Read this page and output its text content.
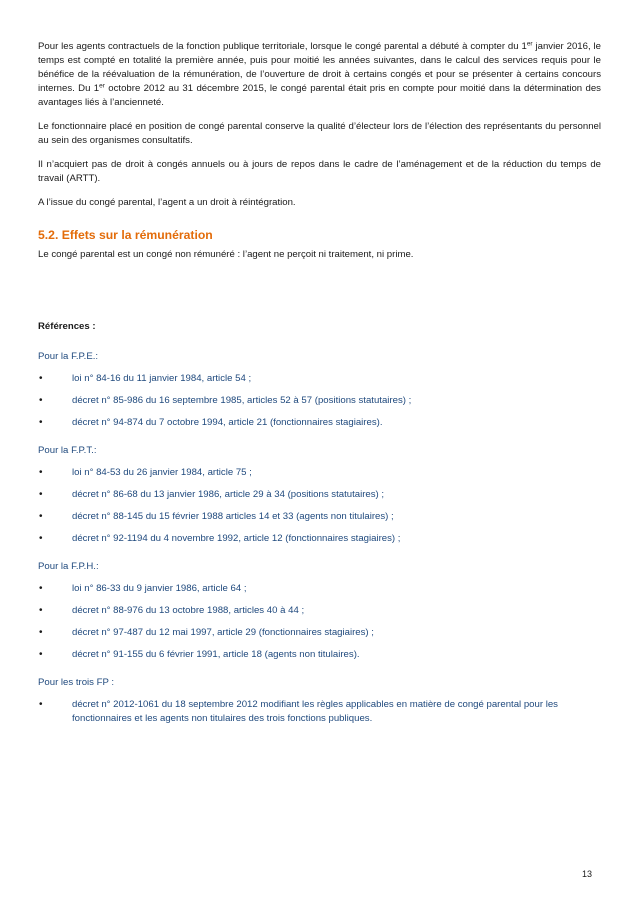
Pour les agents contractuels de la fonction publique territoriale, lorsque le congé parental a débuté à compter du 1er janvier 2016, le temps est compté en totalité la première année, puis pour moitié les années suivantes, dans le calcul des services requis pour le bénéfice de la réévaluation de la rémunération, de l’ouverture de droit à certains congés et pour se présenter à certains concours internes. Du 1er octobre 2012 au 31 décembre 2015, le congé parental était pris en compte pour moitié dans la détermination des avantages liés à l’ancienneté.

Le fonctionnaire placé en position de congé parental conserve la qualité d’électeur lors de l’élection des représentants du personnel au sein des organismes consultatifs.

Il n’acquiert pas de droit à congés annuels ou à jours de repos dans le cadre de l’aménagement et de la réduction du temps de travail (ARTT).

A l’issue du congé parental, l’agent a un droit à réintégration.

5.2. Effets sur la rémunération

Le congé parental est un congé non rémunéré : l’agent ne perçoit ni traitement, ni prime.

Références :
Pour la F.P.E.:
•	loi n° 84-16 du 11 janvier 1984, article 54 ;
•	décret n° 85-986 du 16 septembre 1985, articles 52 à 57 (positions statutaires) ;
•	décret n° 94-874 du 7 octobre 1994, article 21 (fonctionnaires stagiaires).
Pour la F.P.T.:
•	loi n° 84-53 du 26 janvier 1984, article 75 ;
•	décret n° 86-68 du 13 janvier 1986, article 29 à 34 (positions statutaires) ;
•	décret n° 88-145 du 15 février 1988 articles 14 et 33 (agents non titulaires) ;
•	décret n° 92-1194 du 4 novembre 1992, article 12 (fonctionnaires stagiaires) ;
Pour la F.P.H.:
•	loi n° 86-33 du 9 janvier 1986, article 64 ;
•	décret n° 88-976 du 13 octobre 1988, articles 40 à 44 ;
•	décret n° 97-487 du 12 mai 1997, article 29 (fonctionnaires stagiaires) ;
•	décret n° 91-155 du 6 février 1991, article 18 (agents non titulaires).
Pour les trois FP :
•	décret n° 2012-1061 du 18 septembre 2012 modifiant les règles applicables en matière de congé parental pour les fonctionnaires et les agents non titulaires des trois fonctions publiques.
13
